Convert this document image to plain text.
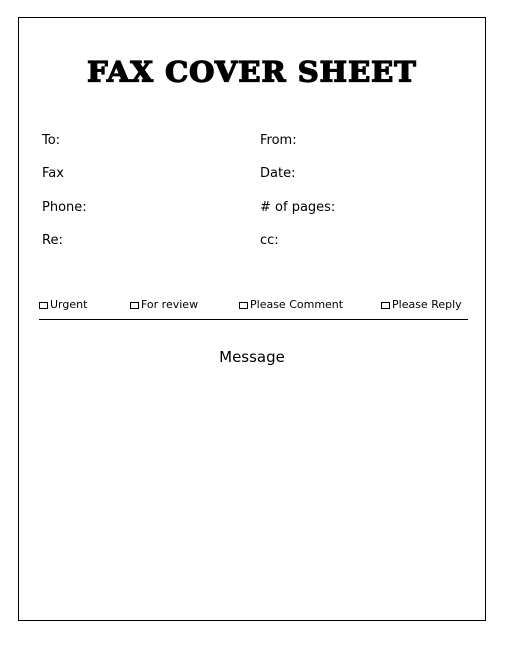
FAX COVER SHEET
To:	From:
Fax	Date:
Phone:	# of pages:
Re:	cc:
Urgent	For review	Please Comment	Please Reply
Message
